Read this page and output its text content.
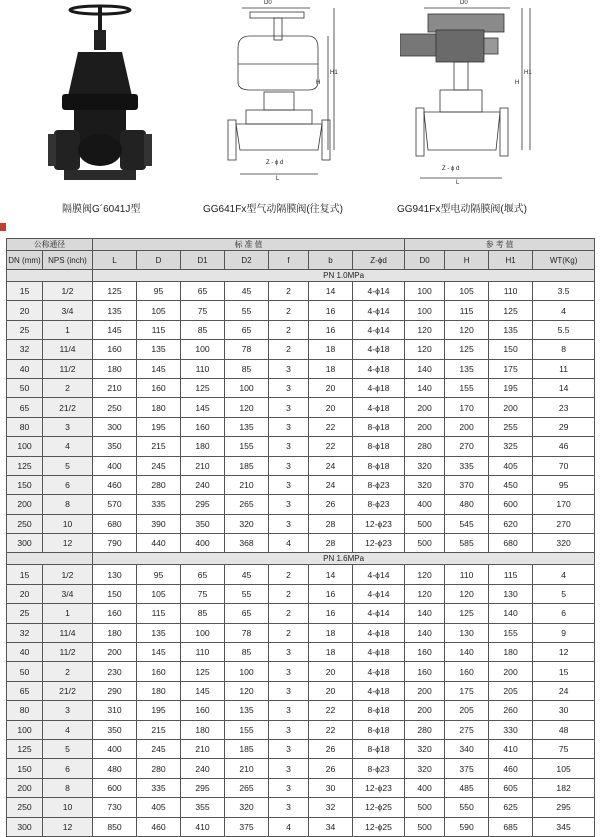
隔膜阀G´6041J型
D0
H
H1
Z - ϕ d
L
GG641Fx型气动隔膜阀(往复式)
D0
H
H1
Z - ϕ d
L
GG941Fx型电动隔膜阀(堰式)
公称通径		标 准 值							参 考 值			
DN (mm)	NPS (inch)	L	D	D1	D2	f	b	Z-ϕd	D0	H	H1	WT(Kg)
		PN 1.0MPa										
15	1/2	125	95	65	45	2	14	4-ϕ14	100	105	110	3.5
20	3/4	135	105	75	55	2	16	4-ϕ14	100	115	125	4
25	1	145	115	85	65	2	16	4-ϕ14	120	120	135	5.5
32	11/4	160	135	100	78	2	18	4-ϕ18	120	125	150	8
40	11/2	180	145	110	85	3	18	4-ϕ18	140	135	175	11
50	2	210	160	125	100	3	20	4-ϕ18	140	155	195	14
65	21/2	250	180	145	120	3	20	4-ϕ18	200	170	200	23
80	3	300	195	160	135	3	22	8-ϕ18	200	200	255	29
100	4	350	215	180	155	3	22	8-ϕ18	280	270	325	46
125	5	400	245	210	185	3	24	8-ϕ18	320	335	405	70
150	6	460	280	240	210	3	24	8-ϕ23	320	370	450	95
200	8	570	335	295	265	3	26	8-ϕ23	400	480	600	170
250	10	680	390	350	320	3	28	12-ϕ23	500	545	620	270
300	12	790	440	400	368	4	28	12-ϕ23	500	585	680	320
		PN 1.6MPa										
15	1/2	130	95	65	45	2	14	4-ϕ14	120	110	115	4
20	3/4	150	105	75	55	2	16	4-ϕ14	120	120	130	5
25	1	160	115	85	65	2	16	4-ϕ14	140	125	140	6
32	11/4	180	135	100	78	2	18	4-ϕ18	140	130	155	9
40	11/2	200	145	110	85	3	18	4-ϕ18	160	140	180	12
50	2	230	160	125	100	3	20	4-ϕ18	160	160	200	15
65	21/2	290	180	145	120	3	20	4-ϕ18	200	175	205	24
80	3	310	195	160	135	3	22	8-ϕ18	200	205	260	30
100	4	350	215	180	155	3	22	8-ϕ18	280	275	330	48
125	5	400	245	210	185	3	26	8-ϕ18	320	340	410	75
150	6	480	280	240	210	3	26	8-ϕ23	320	375	460	105
200	8	600	335	295	265	3	30	12-ϕ23	400	485	605	182
250	10	730	405	355	320	3	32	12-ϕ25	500	550	625	295
300	12	850	460	410	375	4	34	12-ϕ25	500	590	685	345
